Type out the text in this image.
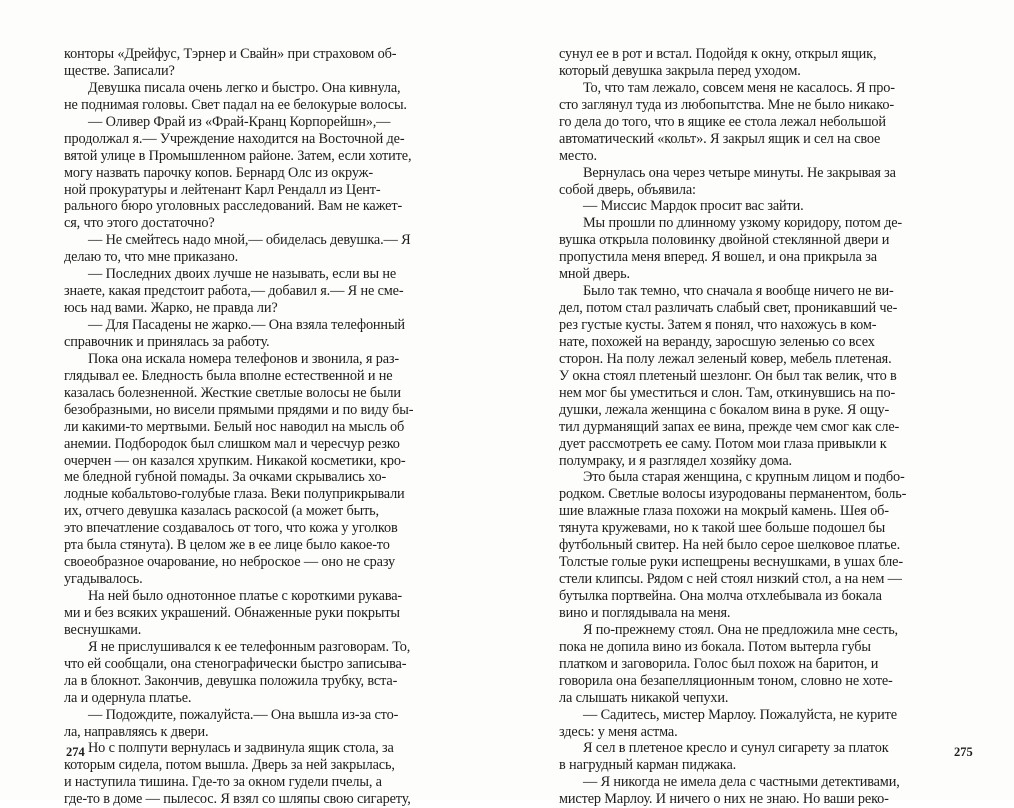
конторы «Дрейфус, Тэрнер и Свайн» при страховом об-
ществе. Записали?
Девушка писала очень легко и быстро. Она кивнула,
не поднимая головы. Свет падал на ее белокурые волосы.
— Оливер Фрай из «Фрай-Кранц Корпорейшн»,—
продолжал я.— Учреждение находится на Восточной де-
вятой улице в Промышленном районе. Затем, если хотите,
могу назвать парочку копов. Бернард Олс из окруж-
ной прокуратуры и лейтенант Карл Рендалл из Цент-
рального бюро уголовных расследований. Вам не кажет-
ся, что этого достаточно?
— Не смейтесь надо мной,— обиделась девушка.— Я
делаю то, что мне приказано.
— Последних двоих лучше не называть, если вы не
знаете, какая предстоит работа,— добавил я.— Я не сме-
юсь над вами. Жарко, не правда ли?
— Для Пасадены не жарко.— Она взяла телефонный
справочник и принялась за работу.
Пока она искала номера телефонов и звонила, я раз-
глядывал ее. Бледность была вполне естественной и не
казалась болезненной. Жесткие светлые волосы не были
безобразными, но висели прямыми прядями и по виду бы-
ли какими-то мертвыми. Белый нос наводил на мысль об
анемии. Подбородок был слишком мал и чересчур резко
очерчен — он казался хрупким. Никакой косметики, кро-
ме бледной губной помады. За очками скрывались хо-
лодные кобальтово-голубые глаза. Веки полуприкрывали
их, отчего девушка казалась раскосой (а может быть,
это впечатление создавалось от того, что кожа у уголков
рта была стянута). В целом же в ее лице было какое-то
своеобразное очарование, но неброское — оно не сразу
угадывалось.
На ней было однотонное платье с короткими рукава-
ми и без всяких украшений. Обнаженные руки покрыты
веснушками.
Я не прислушивался к ее телефонным разговорам. То,
что ей сообщали, она стенографически быстро записыва-
ла в блокнот. Закончив, девушка положила трубку, вста-
ла и одернула платье.
— Подождите, пожалуйста.— Она вышла из-за сто-
ла, направляясь к двери.
Но с полпути вернулась и задвинула ящик стола, за
которым сидела, потом вышла. Дверь за ней закрылась,
и наступила тишина. Где-то за окном гудели пчелы, а
где-то в доме — пылесос. Я взял со шляпы свою сигарету,
274
сунул ее в рот и встал. Подойдя к окну, открыл ящик,
который девушка закрыла перед уходом.
То, что там лежало, совсем меня не касалось. Я про-
сто заглянул туда из любопытства. Мне не было никако-
го дела до того, что в ящике ее стола лежал небольшой
автоматический «кольт». Я закрыл ящик и сел на свое
место.
Вернулась она через четыре минуты. Не закрывая за
собой дверь, объявила:
— Миссис Мардок просит вас зайти.
Мы прошли по длинному узкому коридору, потом де-
вушка открыла половинку двойной стеклянной двери и
пропустила меня вперед. Я вошел, и она прикрыла за
мной дверь.
Было так темно, что сначала я вообще ничего не ви-
дел, потом стал различать слабый свет, проникавший че-
рез густые кусты. Затем я понял, что нахожусь в ком-
нате, похожей на веранду, заросшую зеленью со всех
сторон. На полу лежал зеленый ковер, мебель плетеная.
У окна стоял плетеный шезлонг. Он был так велик, что в
нем мог бы уместиться и слон. Там, откинувшись на по-
душки, лежала женщина с бокалом вина в руке. Я ощу-
тил дурманящий запах ее вина, прежде чем смог как сле-
дует рассмотреть ее саму. Потом мои глаза привыкли к
полумраку, и я разглядел хозяйку дома.
Это была старая женщина, с крупным лицом и подбо-
родком. Светлые волосы изуродованы перманентом, боль-
шие влажные глаза похожи на мокрый камень. Шея об-
тянута кружевами, но к такой шее больше подошел бы
футбольный свитер. На ней было серое шелковое платье.
Толстые голые руки испещрены веснушками, в ушах бле-
стели клипсы. Рядом с ней стоял низкий стол, а на нем —
бутылка портвейна. Она молча отхлебывала из бокала
вино и поглядывала на меня.
Я по-прежнему стоял. Она не предложила мне сесть,
пока не допила вино из бокала. Потом вытерла губы
платком и заговорила. Голос был похож на баритон, и
говорила она безапелляционным тоном, словно не хоте-
ла слышать никакой чепухи.
— Садитесь, мистер Марлоу. Пожалуйста, не курите
здесь: у меня астма.
Я сел в плетеное кресло и сунул сигарету за платок
в нагрудный карман пиджака.
— Я никогда не имела дела с частными детективами,
мистер Марлоу. И ничего о них не знаю. Но ваши реко-
275
